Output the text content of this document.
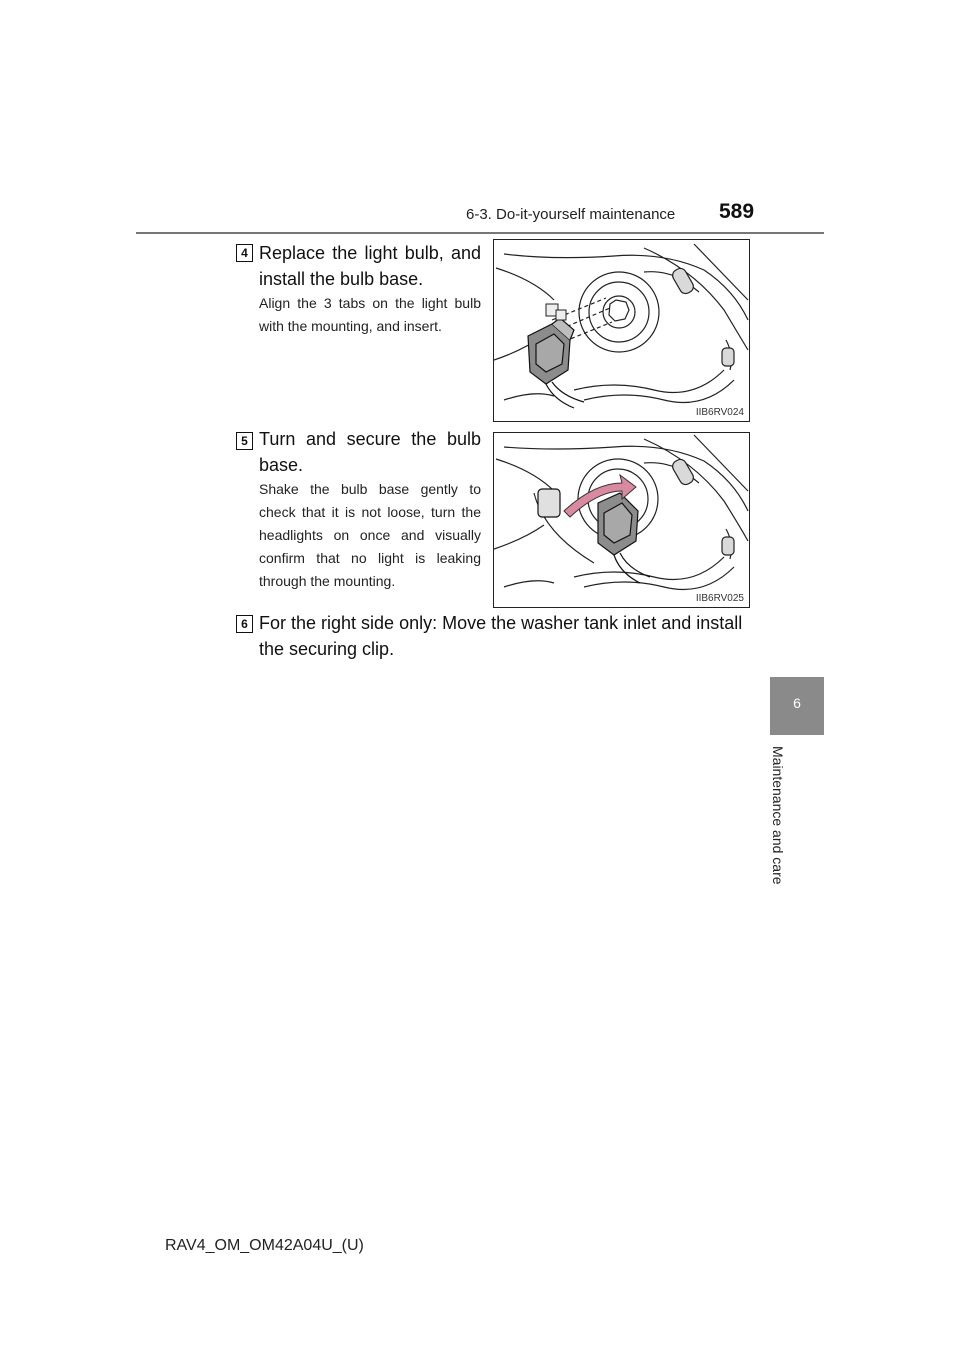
6-3. Do-it-yourself maintenance 589
6
Maintenance and care
4 Replace the light bulb, and install the bulb base.
Align the 3 tabs on the light bulb with the mounting, and insert.
IIB6RV024
5 Turn and secure the bulb base.
Shake the bulb base gently to check that it is not loose, turn the headlights on once and visually confirm that no light is leaking through the mounting.
IIB6RV025
6 For the right side only: Move the washer tank inlet and install the securing clip.
RAV4_OM_OM42A04U_(U)
